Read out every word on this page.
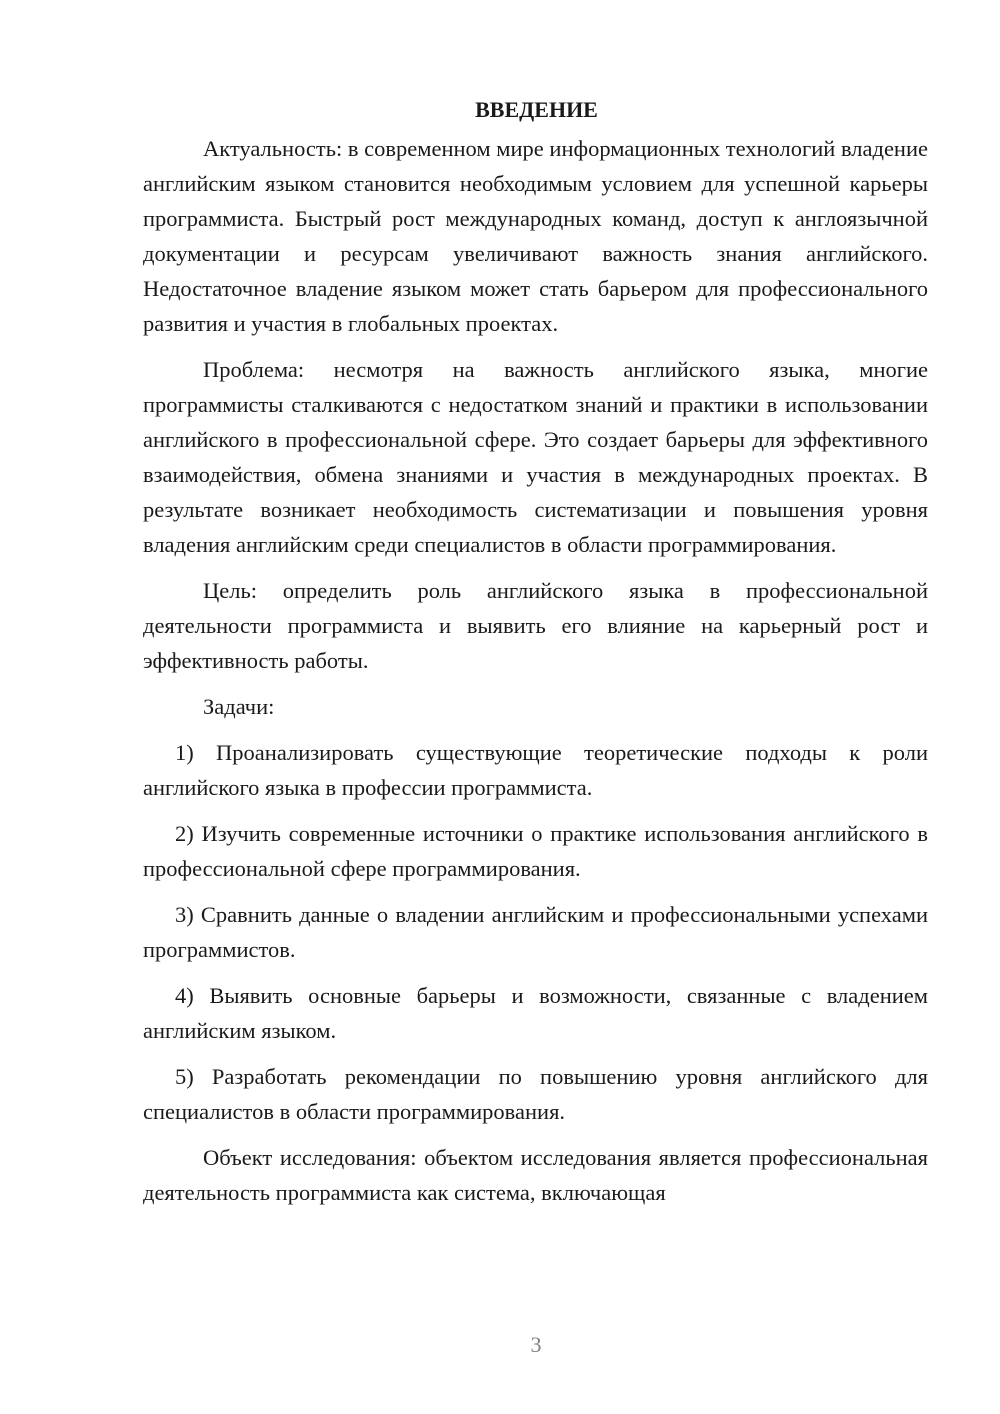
ВВЕДЕНИЕ

Актуальность: в современном мире информационных технологий владение английским языком становится необходимым условием для успешной карьеры программиста. Быстрый рост международных команд, доступ к англоязычной документации и ресурсам увеличивают важность знания английского. Недостаточное владение языком может стать барьером для профессионального развития и участия в глобальных проектах.

Проблема: несмотря на важность английского языка, многие программисты сталкиваются с недостатком знаний и практики в использовании английского в профессиональной сфере. Это создает барьеры для эффективного взаимодействия, обмена знаниями и участия в международных проектах. В результате возникает необходимость систематизации и повышения уровня владения английским среди специалистов в области программирования.

Цель: определить роль английского языка в профессиональной деятельности программиста и выявить его влияние на карьерный рост и эффективность работы.

Задачи:

1) Проанализировать существующие теоретические подходы к роли английского языка в профессии программиста.

2) Изучить современные источники о практике использования английского в профессиональной сфере программирования.

3) Сравнить данные о владении английским и профессиональными успехами программистов.

4) Выявить основные барьеры и возможности, связанные с владением английским языком.

5) Разработать рекомендации по повышению уровня английского для специалистов в области программирования.

Объект исследования: объектом исследования является профессиональная деятельность программиста как система, включающая

3
